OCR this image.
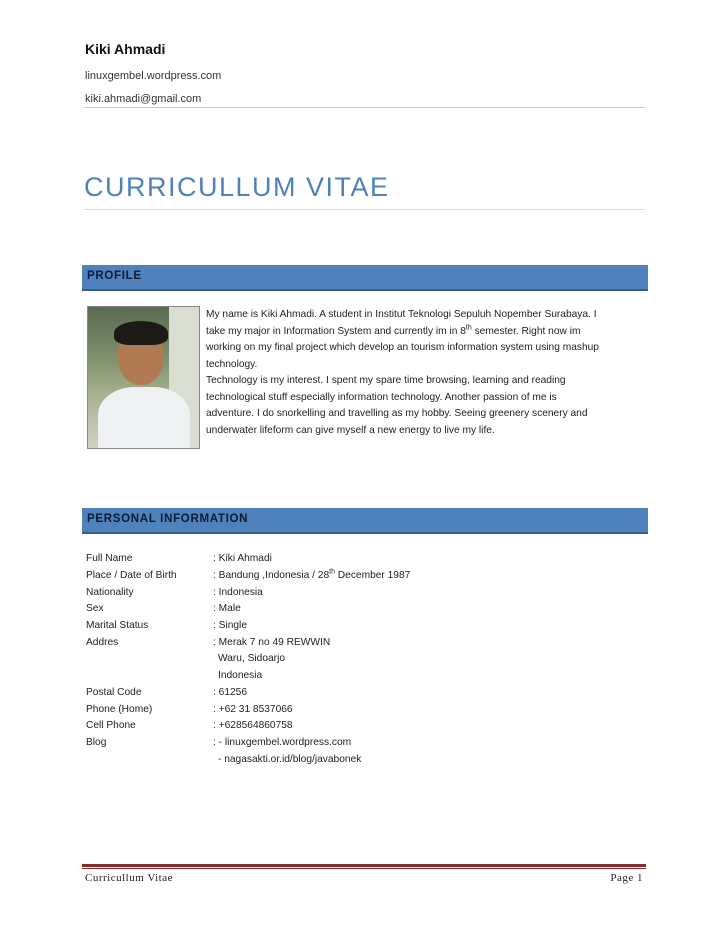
Kiki Ahmadi
linuxgembel.wordpress.com
kiki.ahmadi@gmail.com
CURRICULLUM VITAE
PROFILE

My name is Kiki Ahmadi. A student in Institut Teknologi Sepuluh Nopember Surabaya. I

take my major in Information System and currently im in 8th semester. Right now im

working on my final project which develop an tourism information system using mashup

technology.

Technology is my interest. I spent my spare time browsing, learning and reading

technological stuff especially information technology. Another passion of me is

adventure. I do snorkelling and travelling as my hobby. Seeing greenery scenery and

underwater lifeform can give myself a new energy to live my life.

PERSONAL INFORMATION
Full Name	: Kiki Ahmadi
Place / Date of Birth	: Bandung ,Indonesia / 28th December 1987
Nationality	: Indonesia
Sex	: Male
Marital Status	: Single
Addres	: Merak 7 no 49 REWWIN
Waru, Sidoarjo
Indonesia
Postal Code	: 61256
Phone (Home)	: +62 31 8537066
Cell Phone	: +628564860758
Blog	: - linuxgembel.wordpress.com
- nagasakti.or.id/blog/javabonek
Curricullum Vitae	Page 1
